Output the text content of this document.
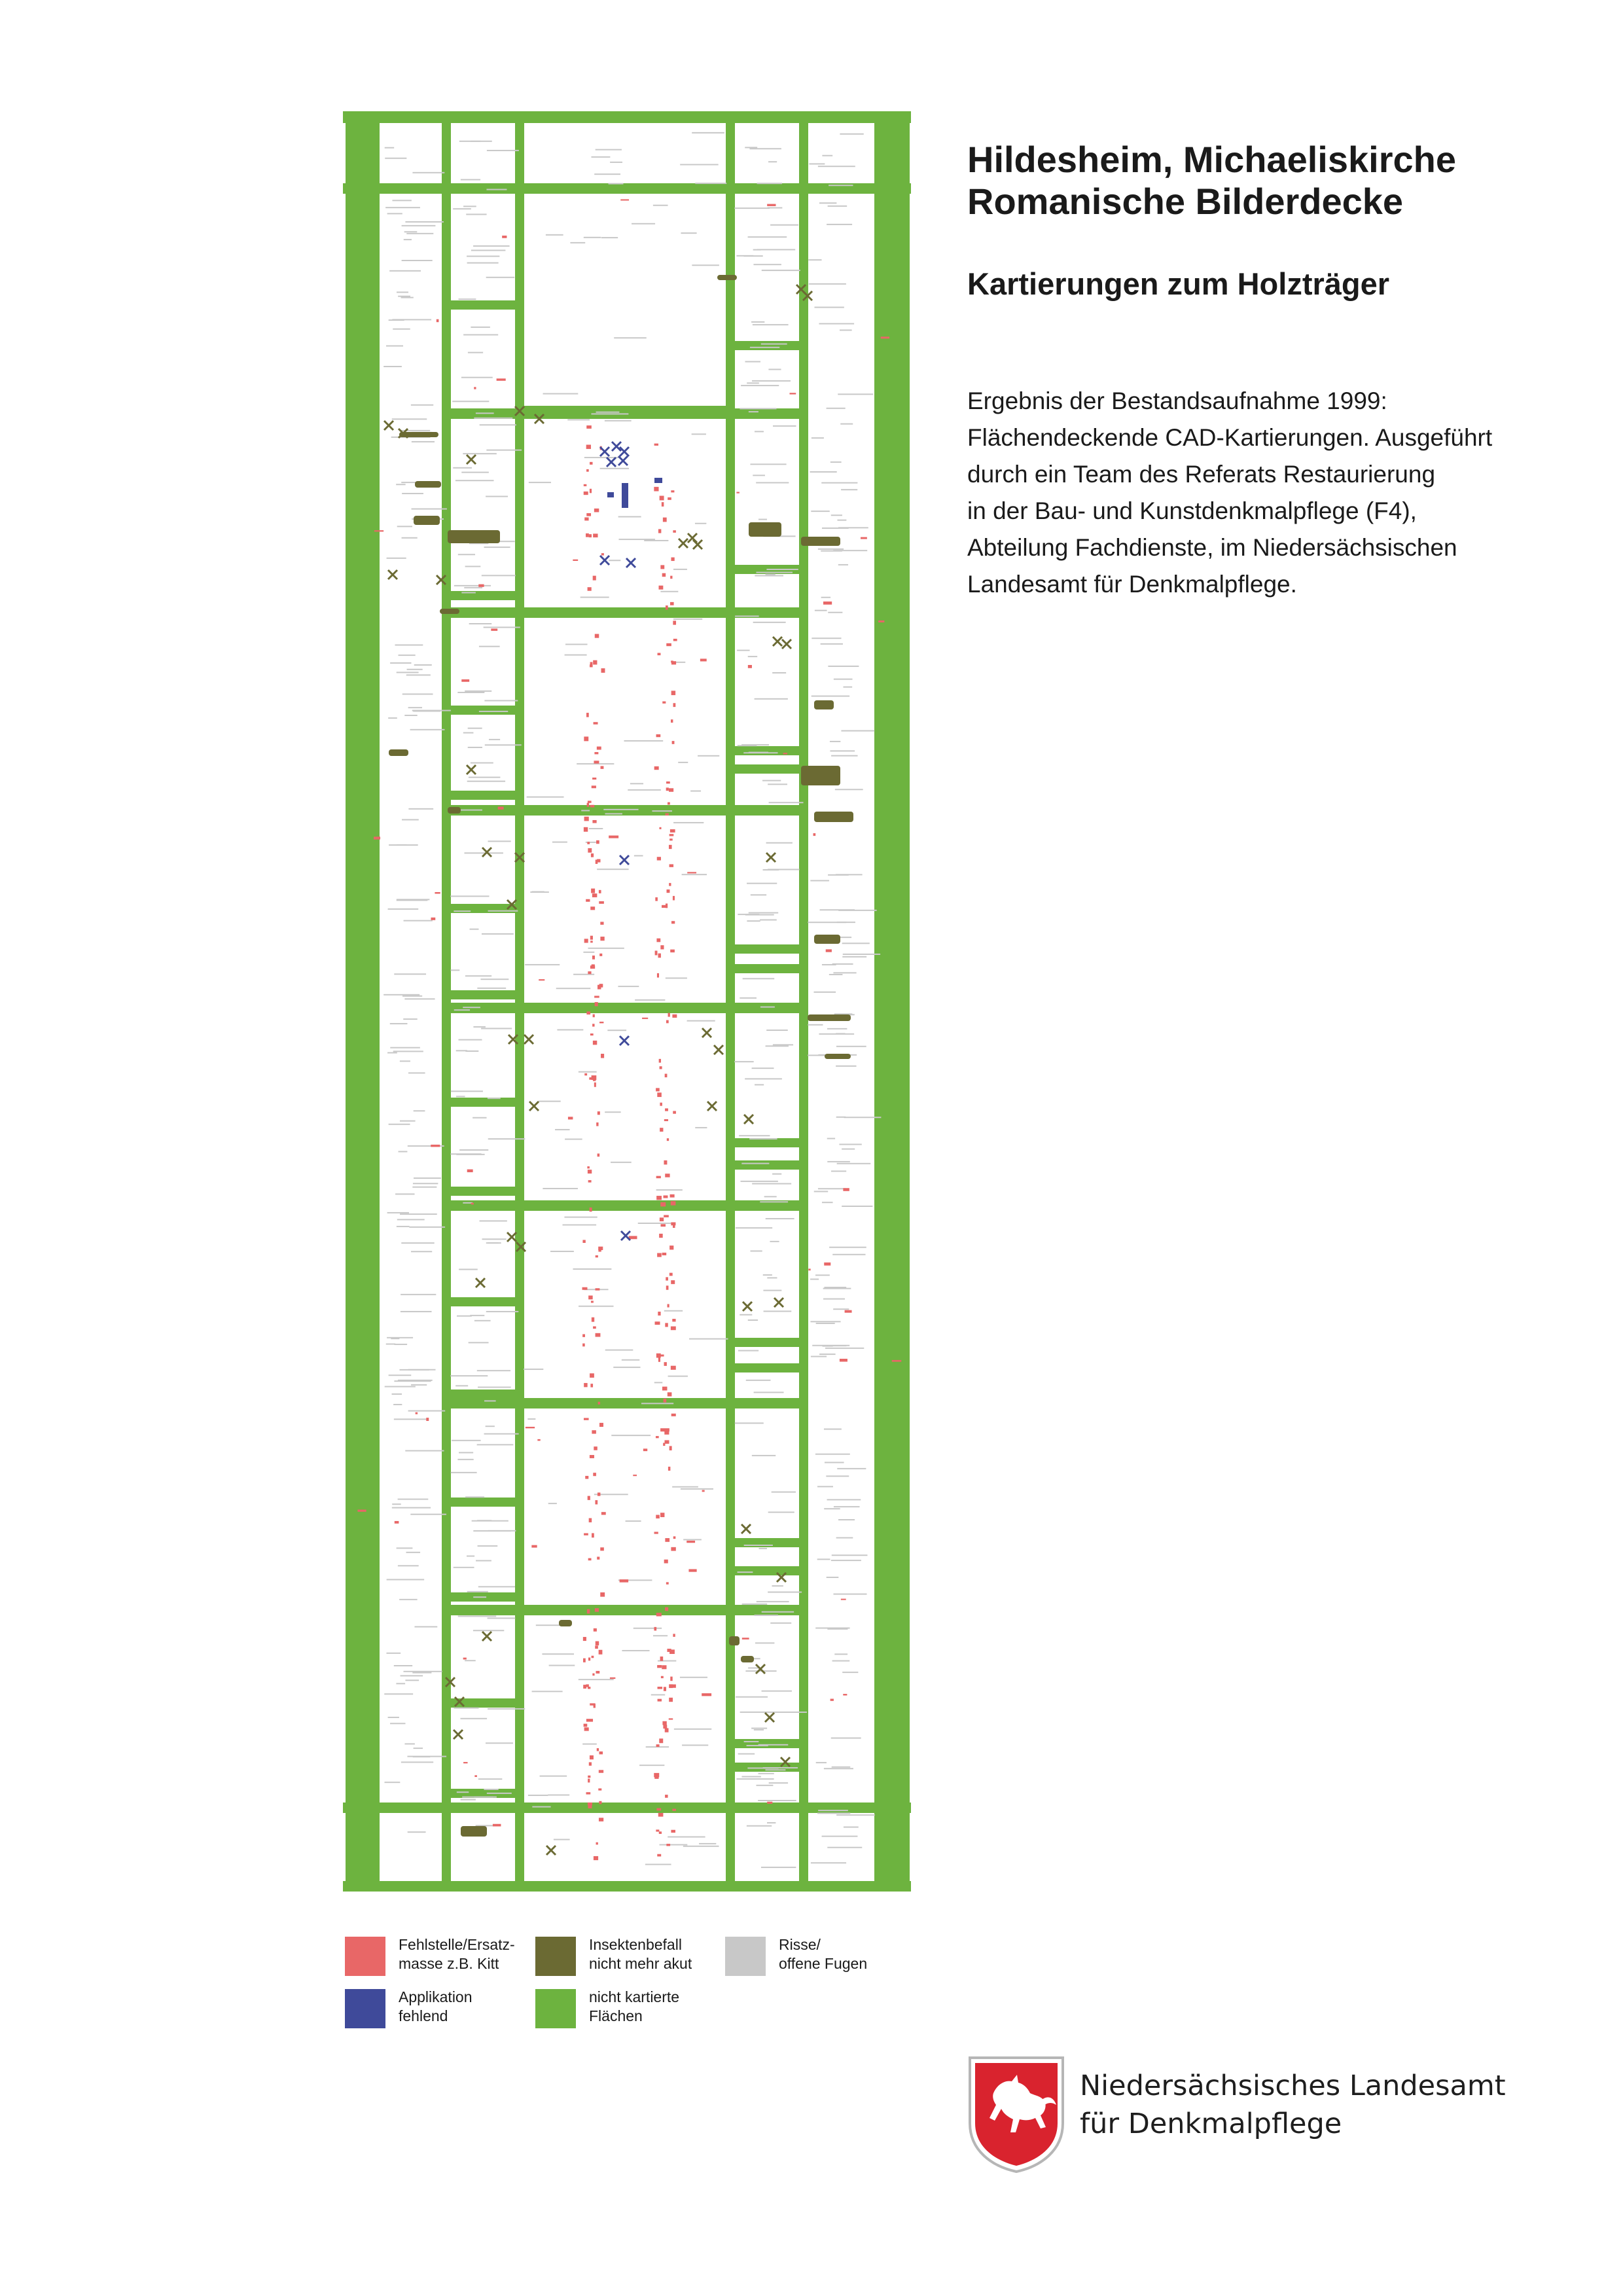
Hildesheim, Michaeliskirche
Romanische Bilderdecke
Kartierungen zum Holzträger

Ergebnis der Bestandsaufnahme 1999:
Flächendeckende CAD-Kartierungen. Ausgeführt
durch ein Team des Referats Restaurierung
in der Bau- und Kunstdenkmalpflege (F4),
Abteilung Fachdienste, im Niedersächsischen
Landesamt für Denkmalpflege.

Fehlstelle/Ersatz-
masse z.B. Kitt
Insektenbefall
nicht mehr akut
Risse/
offene Fugen
Applikation
fehlend
nicht kartierte
Flächen
Niedersächsisches Landesamt
für Denkmalpflege
